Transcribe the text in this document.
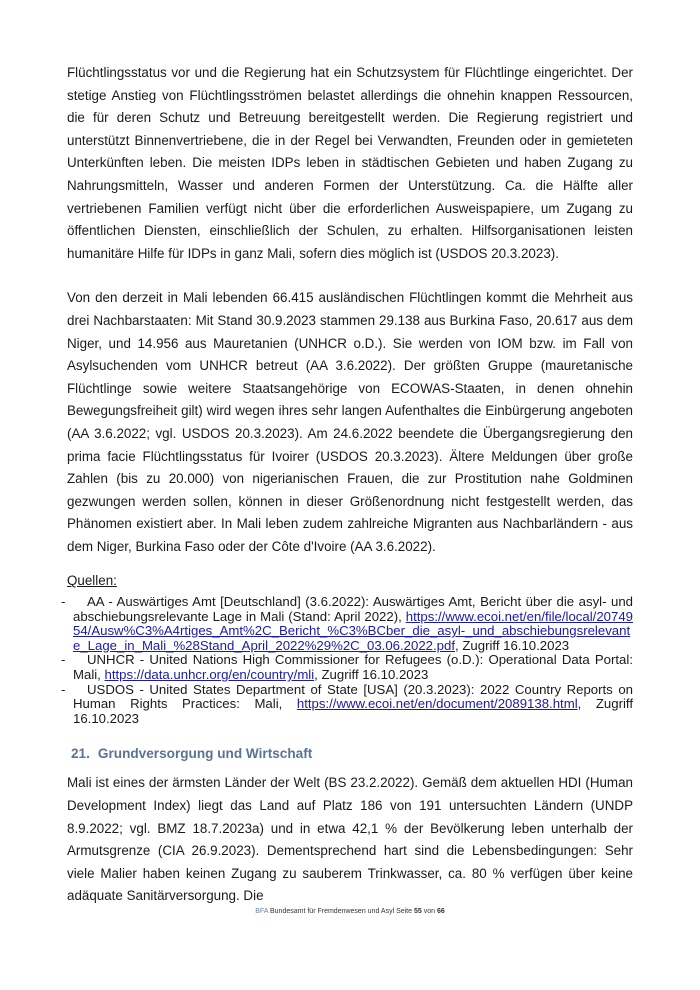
Flüchtlingsstatus vor und die Regierung hat ein Schutzsystem für Flüchtlinge eingerichtet. Der stetige Anstieg von Flüchtlingsströmen belastet allerdings die ohnehin knappen Ressourcen, die für deren Schutz und Betreuung bereitgestellt werden. Die Regierung registriert und unterstützt Binnenvertriebene, die in der Regel bei Verwandten, Freunden oder in gemieteten Unterkünften leben. Die meisten IDPs leben in städtischen Gebieten und haben Zugang zu Nahrungsmitteln, Wasser und anderen Formen der Unterstützung. Ca. die Hälfte aller vertriebenen Familien verfügt nicht über die erforderlichen Ausweispapiere, um Zugang zu öffentlichen Diensten, einschließlich der Schulen, zu erhalten. Hilfsorganisationen leisten humanitäre Hilfe für IDPs in ganz Mali, sofern dies möglich ist (USDOS 20.3.2023).

Von den derzeit in Mali lebenden 66.415 ausländischen Flüchtlingen kommt die Mehrheit aus drei Nachbarstaaten: Mit Stand 30.9.2023 stammen 29.138 aus Burkina Faso, 20.617 aus dem Niger, und 14.956 aus Mauretanien (UNHCR o.D.). Sie werden von IOM bzw. im Fall von Asylsuchenden vom UNHCR betreut (AA 3.6.2022). Der größten Gruppe (mauretanische Flüchtlinge sowie weitere Staatsangehörige von ECOWAS-Staaten, in denen ohnehin Bewegungsfreiheit gilt) wird wegen ihres sehr langen Aufenthaltes die Einbürgerung angeboten (AA 3.6.2022; vgl. USDOS 20.3.2023). Am 24.6.2022 beendete die Übergangsregierung den prima facie Flüchtlingsstatus für Ivoirer (USDOS 20.3.2023). Ältere Meldungen über große Zahlen (bis zu 20.000) von nigerianischen Frauen, die zur Prostitution nahe Goldminen gezwungen werden sollen, können in dieser Größenordnung nicht festgestellt werden, das Phänomen existiert aber. In Mali leben zudem zahlreiche Migranten aus Nachbarländern - aus dem Niger, Burkina Faso oder der Côte d'Ivoire (AA 3.6.2022).

Quellen:

- AA - Auswärtiges Amt [Deutschland] (3.6.2022): Auswärtiges Amt, Bericht über die asyl- und abschiebungsrelevante Lage in Mali (Stand: April 2022), https://www.ecoi.net/en/file/local/2074954/Ausw%C3%A4rtiges_Amt%2C_Bericht_%C3%BCber_die_asyl-_und_abschiebungsrelevante_Lage_in_Mali_%28Stand_April_2022%29%2C_03.06.2022.pdf, Zugriff 16.10.2023
- UNHCR - United Nations High Commissioner for Refugees (o.D.): Operational Data Portal: Mali, https://data.unhcr.org/en/country/mli, Zugriff 16.10.2023
- USDOS - United States Department of State [USA] (20.3.2023): 2022 Country Reports on Human Rights Practices: Mali, https://www.ecoi.net/en/document/2089138.html, Zugriff 16.10.2023
21. Grundversorgung und Wirtschaft

Mali ist eines der ärmsten Länder der Welt (BS 23.2.2022). Gemäß dem aktuellen HDI (Human Development Index) liegt das Land auf Platz 186 von 191 untersuchten Ländern (UNDP 8.9.2022; vgl. BMZ 18.7.2023a) und in etwa 42,1 % der Bevölkerung leben unterhalb der Armutsgrenze (CIA 26.9.2023). Dementsprechend hart sind die Lebensbedingungen: Sehr viele Malier haben keinen Zugang zu sauberem Trinkwasser, ca. 80 % verfügen über keine adäquate Sanitärversorgung. Die

BFA Bundesamt für Fremdenwesen und Asyl Seite 55 von 66
